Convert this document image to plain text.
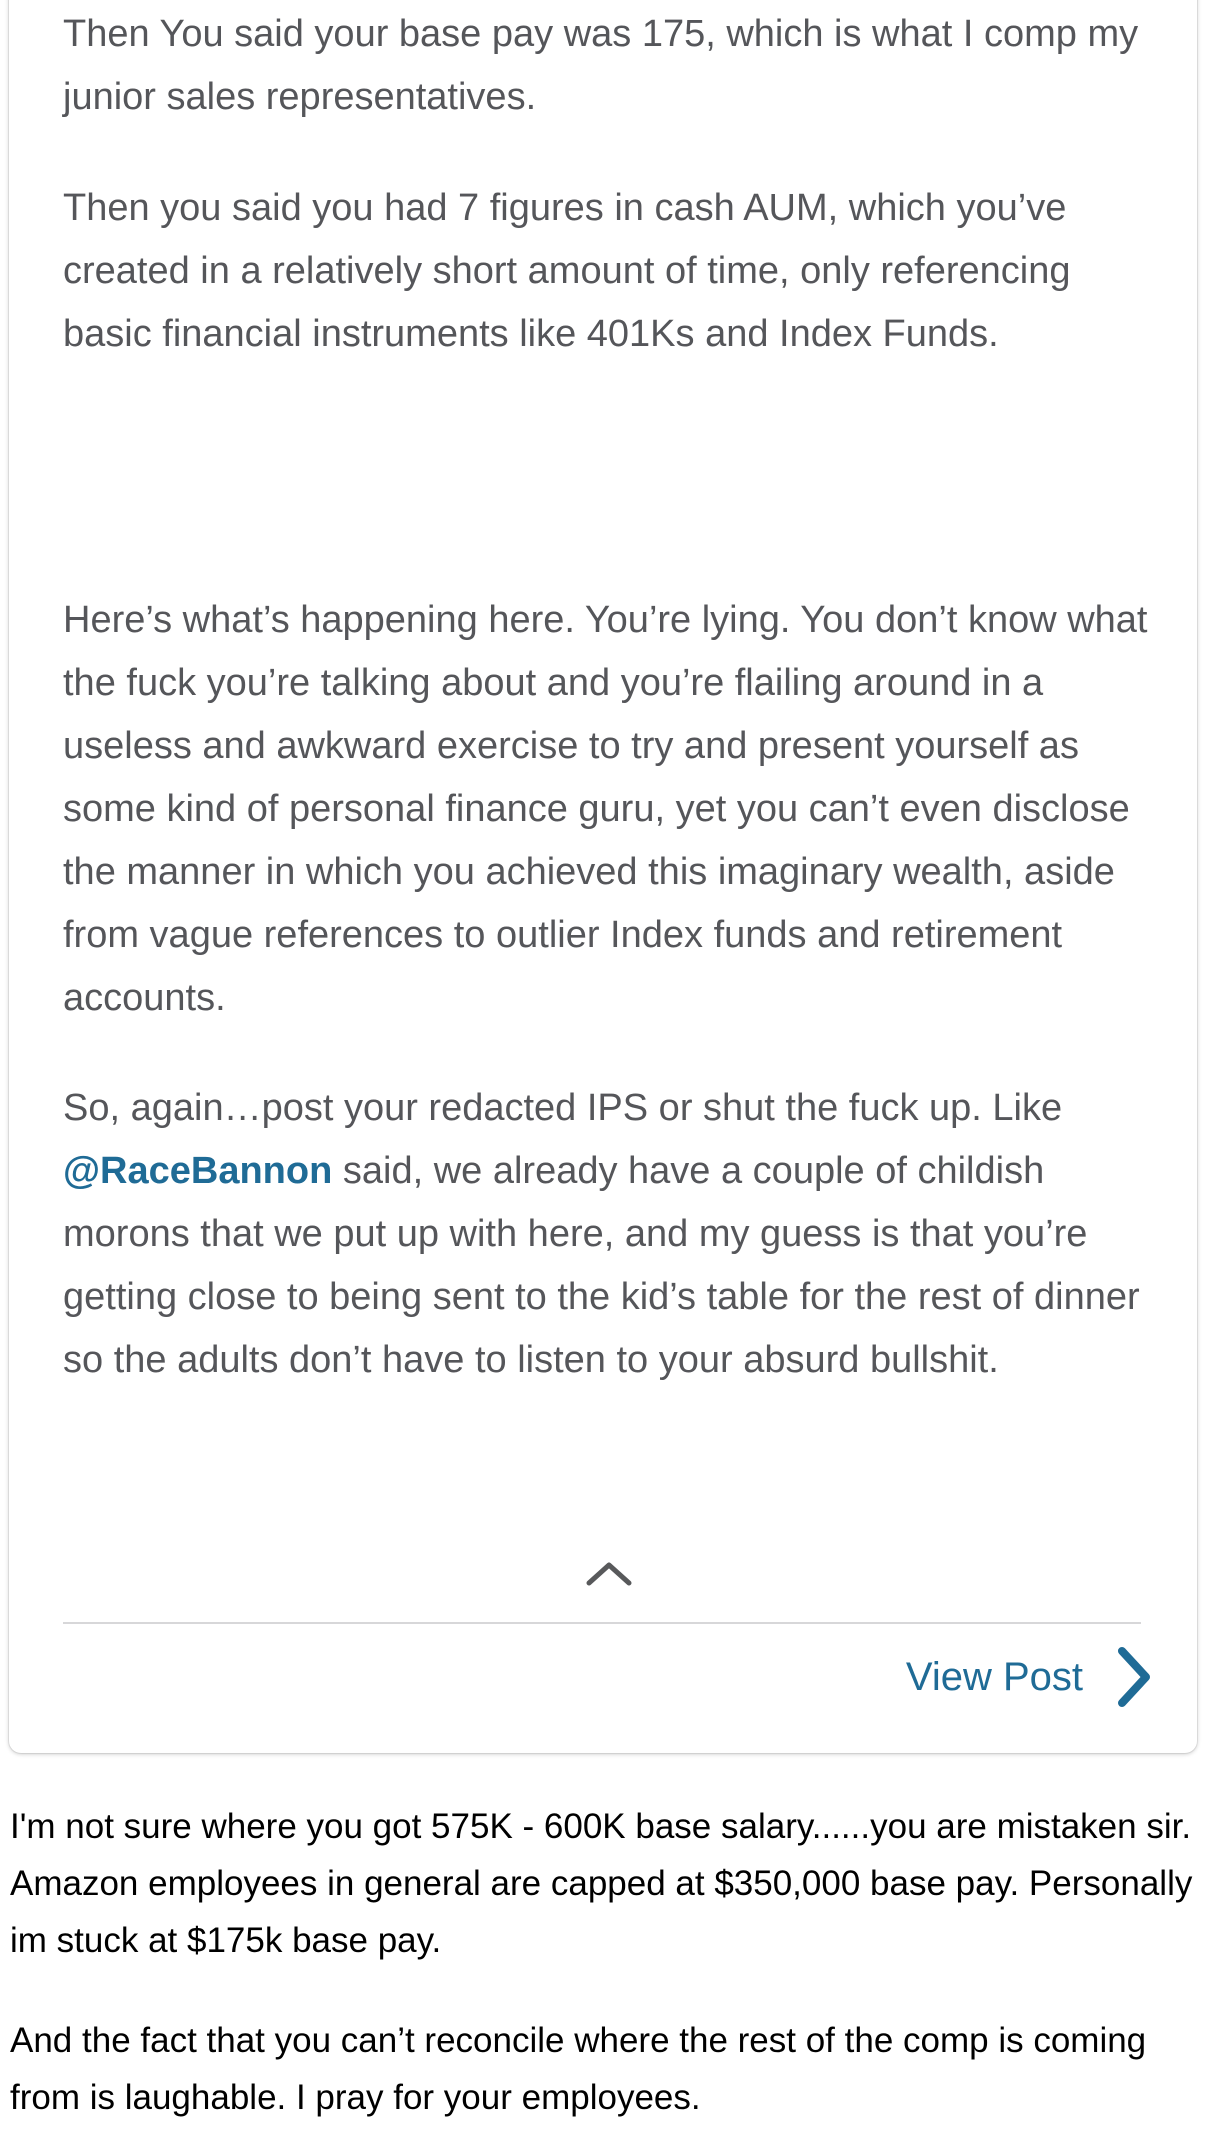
Then You said your base pay was 175, which is what I comp my junior sales representatives.

Then you said you had 7 figures in cash AUM, which you’ve created in a relatively short amount of time, only referencing basic financial instruments like 401Ks and Index Funds.

Here’s what’s happening here. You’re lying. You don’t know what the fuck you’re talking about and you’re flailing around in a useless and awkward exercise to try and present yourself as some kind of personal finance guru, yet you can’t even disclose the manner in which you achieved this imaginary wealth, aside from vague references to outlier Index funds and retirement accounts.

So, again…post your redacted IPS or shut the fuck up. Like @RaceBannon said, we already have a couple of childish morons that we put up with here, and my guess is that you’re getting close to being sent to the kid’s table for the rest of dinner so the adults don’t have to listen to your absurd bullshit.

View Post

I'm not sure where you got 575K - 600K base salary......you are mistaken sir. Amazon employees in general are capped at $350,000 base pay. Personally im stuck at $175k base pay.

And the fact that you can’t reconcile where the rest of the comp is coming from is laughable. I pray for your employees.
